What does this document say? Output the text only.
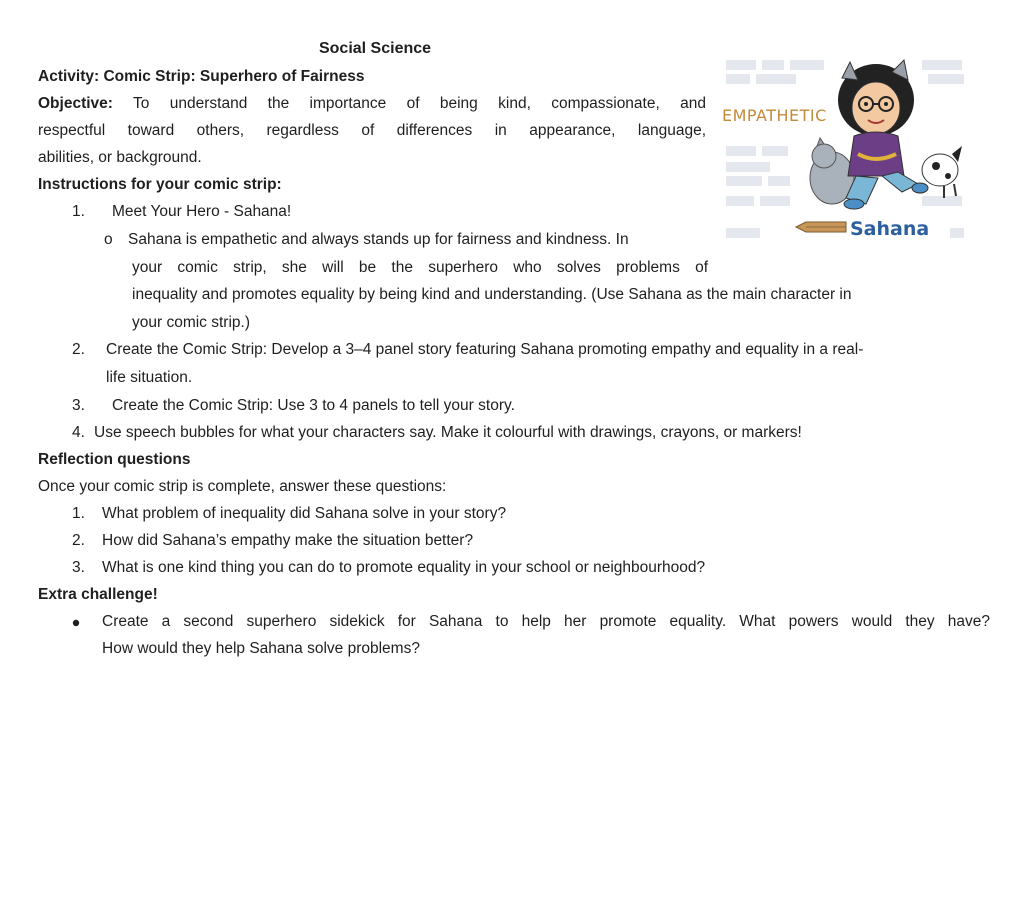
Social Science
Activity: Comic Strip: Superhero of Fairness
Objective: To understand the importance of being kind, compassionate, and
respectful toward others, regardless of differences in appearance, language,
abilities, or background.
Instructions for your comic strip:
1. Meet Your Hero - Sahana!
o Sahana is empathetic and always stands up for fairness and kindness. In
your comic strip, she will be the superhero who solves problems of
inequality and promotes equality by being kind and understanding. (Use Sahana as the main character in
your comic strip.)
2. Create the Comic Strip: Develop a 3–4 panel story featuring Sahana promoting empathy and equality in a real-
life situation.
3. Create the Comic Strip: Use 3 to 4 panels to tell your story.
4. Use speech bubbles for what your characters say. Make it colourful with drawings, crayons, or markers!
Reflection questions
Once your comic strip is complete, answer these questions:
1. What problem of inequality did Sahana solve in your story?
2. How did Sahana’s empathy make the situation better?
3. What is one kind thing you can do to promote equality in your school or neighbourhood?
Extra challenge!
Create a second superhero sidekick for Sahana to help her promote equality. What powers would they have?
How would they help Sahana solve problems?
EMPATHETIC
Sahana
